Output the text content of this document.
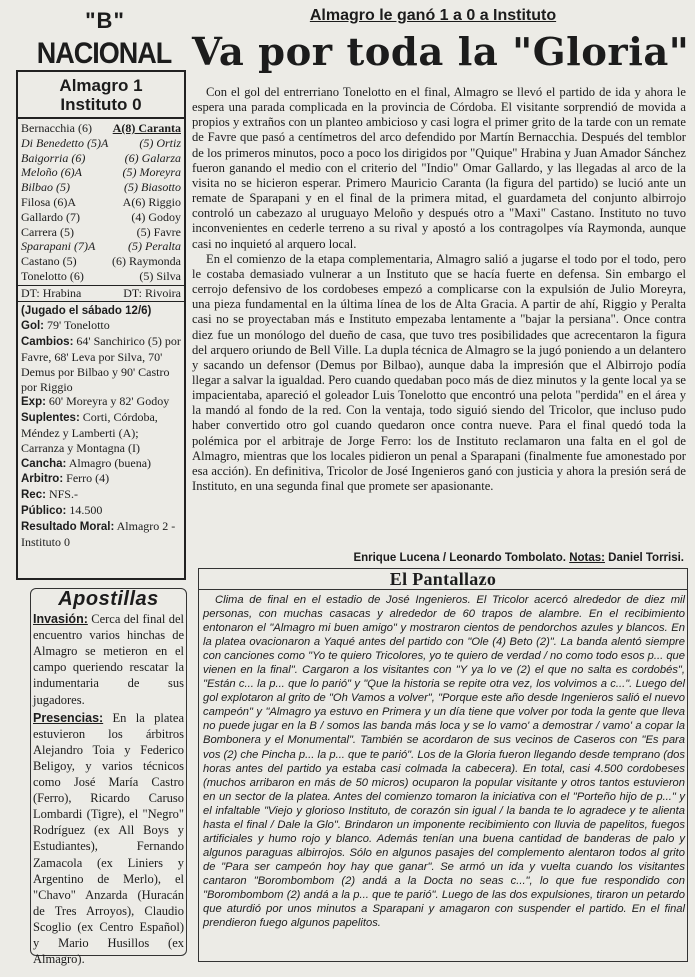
"B"
NACIONAL
Almagro 1
Instituto 0
Bernacchia (6) A(8) Caranta
Di Benedetto (5)A	(5) Ortiz
Baigorria (6)	(6) Galarza
Meloño (6)A	(5) Moreyra
Bilbao (5)	(5) Biasotto
Filosa (6)A	A(6) Riggio
Gallardo (7)	(4) Godoy
Carrera (5)	(5) Favre
Sparapani (7)A	(5) Peralta
Castano (5)	(6) Raymonda
Tonelotto (6)	(5) Silva
DT: Hrabina	DT: Rivoira

(Jugado el sábado 12/6)

Gol: 79' Tonelotto

Cambios: 64' Sanchirico (5) por Favre, 68' Leva por Silva, 70' Demus por Bilbao y 90' Castro por Riggio

Exp: 60' Moreyra y 82' Godoy

Suplentes: Corti, Córdoba, Méndez y Lamberti (A); Carranza y Montagna (I)

Cancha: Almagro (buena)

Arbitro: Ferro (4)

Rec: NFS.-

Público: 14.500

Resultado Moral: Almagro 2 - Instituto 0

Apostillas

Invasión: Cerca del final del encuentro varios hinchas de Almagro se metieron en el campo queriendo rescatar la indumentaria de sus jugadores.

Presencias: En la platea estuvieron los árbitros Alejandro Toia y Federico Beligoy, y varios técnicos como José María Castro (Ferro), Ricardo Caruso Lombardi (Tigre), el "Negro" Rodríguez (ex All Boys y Estudiantes), Fernando Zamacola (ex Liniers y Argentino de Merlo), el "Chavo" Anzarda (Huracán de Tres Arroyos), Claudio Scoglio (ex Centro Español) y Mario Husillos (ex Almagro).

Almagro le ganó 1 a 0 a Instituto
Va por toda la "Gloria"

Con el gol del entrerriano Tonelotto en el final, Almagro se llevó el partido de ida y ahora le espera una parada complicada en la provincia de Córdoba. El visitante sorprendió de movida a propios y extraños con un planteo ambicioso y casi logra el primer grito de la tarde con un remate de Favre que pasó a centímetros del arco defendido por Martín Bernacchia. Después del temblor de los primeros minutos, poco a poco los dirigidos por "Quique" Hrabina y Juan Amador Sánchez fueron ganando el medio con el criterio del "Indio" Omar Gallardo, y las llegadas al arco de la visita no se hicieron esperar. Primero Mauricio Caranta (la figura del partido) se lució ante un remate de Sparapani y en el final de la primera mitad, el guardameta del conjunto albirrojo controló un cabezazo al uruguayo Meloño y después otro a "Maxi" Castano. Instituto no tuvo inconvenientes en cederle terreno a su rival y apostó a los contragolpes vía Raymonda, aunque casi no inquietó al arquero local.

En el comienzo de la etapa complementaria, Almagro salió a jugarse el todo por el todo, pero le costaba demasiado vulnerar a un Instituto que se hacía fuerte en defensa. Sin embargo el cerrojo defensivo de los cordobeses empezó a complicarse con la expulsión de Julio Moreyra, una pieza fundamental en la última línea de los de Alta Gracia. A partir de ahí, Riggio y Peralta casi no se proyectaban más e Instituto empezaba lentamente a "bajar la persiana". Once contra diez fue un monólogo del dueño de casa, que tuvo tres posibilidades que acrecentaron la figura del arquero oriundo de Bell Ville. La dupla técnica de Almagro se la jugó poniendo a un delantero y sacando un defensor (Demus por Bilbao), aunque daba la impresión que el Albirrojo podía llegar a salvar la igualdad. Pero cuando quedaban poco más de diez minutos y la gente local ya se impacientaba, apareció el goleador Luis Tonelotto que encontró una pelota "perdida" en el área y la mandó al fondo de la red. Con la ventaja, todo siguió siendo del Tricolor, que incluso pudo haber convertido otro gol cuando quedaron once contra nueve. Para el final quedó toda la polémica por el arbitraje de Jorge Ferro: los de Instituto reclamaron una falta en el gol de Almagro, mientras que los locales pidieron un penal a Sparapani (finalmente fue amonestado por esa acción). En definitiva, Tricolor de José Ingenieros ganó con justicia y ahora la presión será de Instituto, en una segunda final que promete ser apasionante.

Enrique Lucena / Leonardo Tombolato. Notas: Daniel Torrisi.
El Pantallazo

Clima de final en el estadio de José Ingenieros. El Tricolor acercó alrededor de diez mil personas, con muchas casacas y alrededor de 60 trapos de alambre. En el recibimiento entonaron el "Almagro mi buen amigo" y mostraron cientos de pendorchos azules y blancos. En la platea ovacionaron a Yaqué antes del partido con "Ole (4) Beto (2)". La banda alentó siempre con canciones como "Yo te quiero Tricolores, yo te quiero de verdad / no como todo esos p... que vienen en la final". Cargaron a los visitantes con "Y ya lo ve (2) el que no salta es cordobés", "Están c... la p... que lo parió" y "Que la historia se repite otra vez, los volvimos a c...". Luego del gol explotaron al grito de "Oh Vamos a volver", "Porque este año desde Ingenieros salió el nuevo campeón" y "Almagro ya estuvo en Primera y un día tiene que volver por toda la gente que lleva no puede jugar en la B / somos las banda más loca y se lo vamo' a demostrar / vamo' a copar la Bombonera y el Monumental". También se acordaron de sus vecinos de Caseros con "Es para vos (2) che Pincha p... la p... que te parió". Los de la Gloria fueron llegando desde temprano (dos horas antes del partido ya estaba casi colmada la cabecera). En total, casi 4.500 cordobeses (muchos arribaron en más de 50 micros) ocuparon la popular visitante y otros tantos estuvieron en un sector de la platea. Antes del comienzo tomaron la iniciativa con el "Porteño hijo de p..." y el infaltable "Viejo y glorioso Instituto, de corazón sin igual / la banda te lo agradece y te alienta hasta el final / Dale la Glo". Brindaron un imponente recibimiento con lluvia de papelitos, fuegos artificiales y humo rojo y blanco. Además tenían una buena cantidad de banderas de palo y algunos paraguas albirrojos. Sólo en algunos pasajes del complemento alentaron todos al grito de "Para ser campeón hoy hay que ganar". Se armó un ida y vuelta cuando los visitantes cantaron "Borombombom (2) andá a la Docta no seas c...", lo que fue respondido con "Borombombom (2) andá a la p... que te parió". Luego de las dos expulsiones, tiraron un petardo que aturdió por unos minutos a Sparapani y amagaron con suspender el partido. En el final prendieron fuego algunos papelitos.
